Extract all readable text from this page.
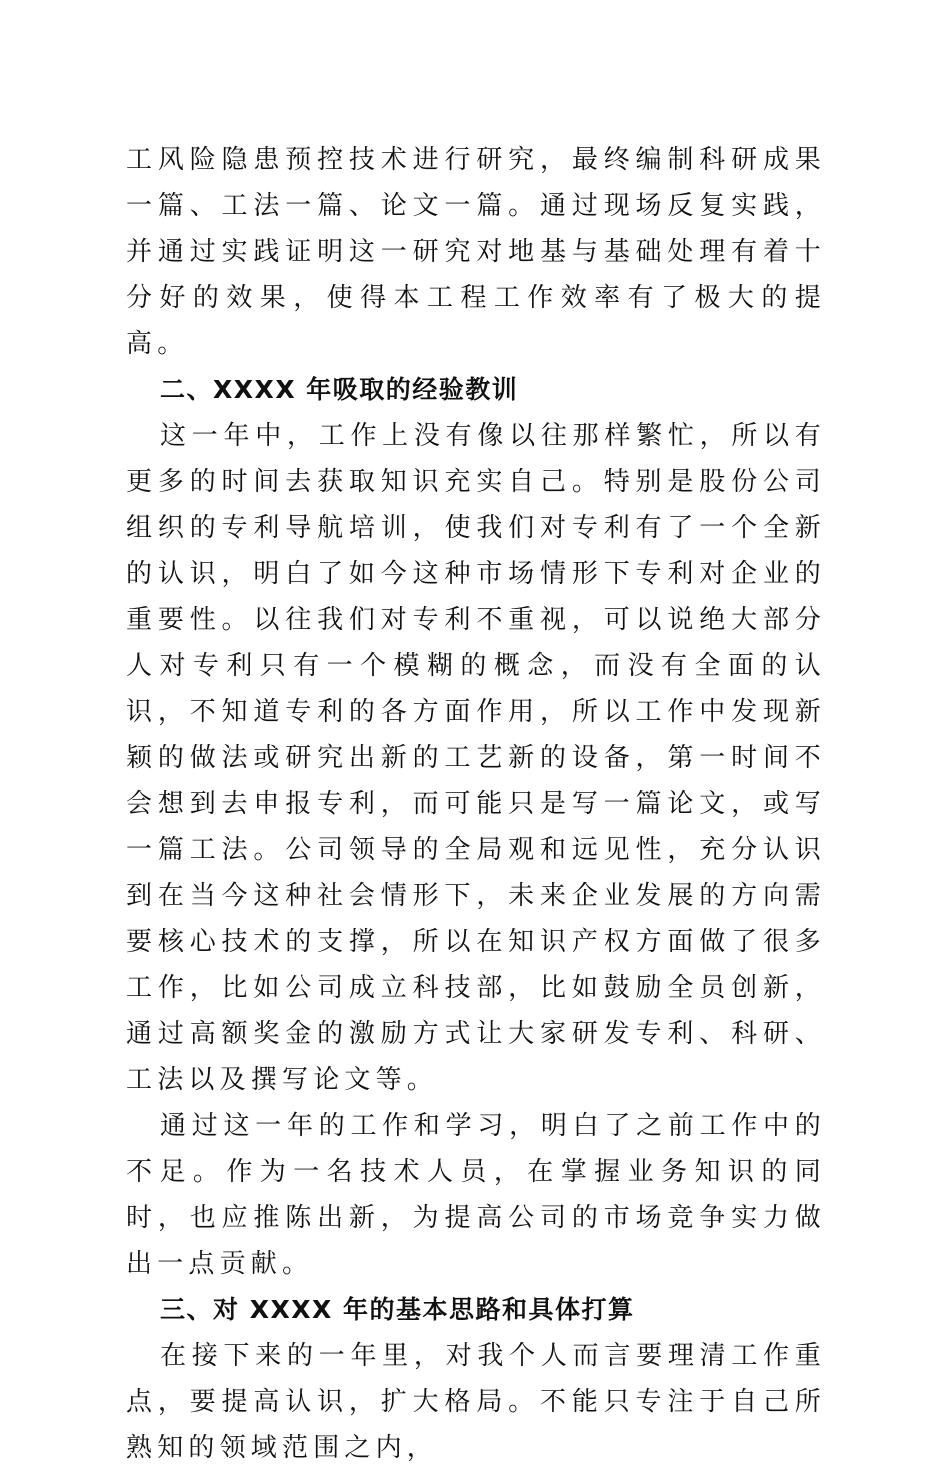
工风险隐患预控技术进行研究，最终编制科研成果一篇、工法一篇、论文一篇。通过现场反复实践，并通过实践证明这一研究对地基与基础处理有着十分好的效果，使得本工程工作效率有了极大的提高。

二、XXXX 年吸取的经验教训

这一年中，工作上没有像以往那样繁忙，所以有更多的时间去获取知识充实自己。特别是股份公司组织的专利导航培训，使我们对专利有了一个全新的认识，明白了如今这种市场情形下专利对企业的重要性。以往我们对专利不重视，可以说绝大部分人对专利只有一个模糊的概念，而没有全面的认识，不知道专利的各方面作用，所以工作中发现新颖的做法或研究出新的工艺新的设备，第一时间不会想到去申报专利，而可能只是写一篇论文，或写一篇工法。公司领导的全局观和远见性，充分认识到在当今这种社会情形下，未来企业发展的方向需要核心技术的支撑，所以在知识产权方面做了很多工作，比如公司成立科技部，比如鼓励全员创新，通过高额奖金的激励方式让大家研发专利、科研、工法以及撰写论文等。

通过这一年的工作和学习，明白了之前工作中的不足。作为一名技术人员，在掌握业务知识的同时，也应推陈出新，为提高公司的市场竞争实力做出一点贡献。

三、对 XXXX 年的基本思路和具体打算

在接下来的一年里，对我个人而言要理清工作重点，要提高认识，扩大格局。不能只专注于自己所熟知的领域范围之内，
